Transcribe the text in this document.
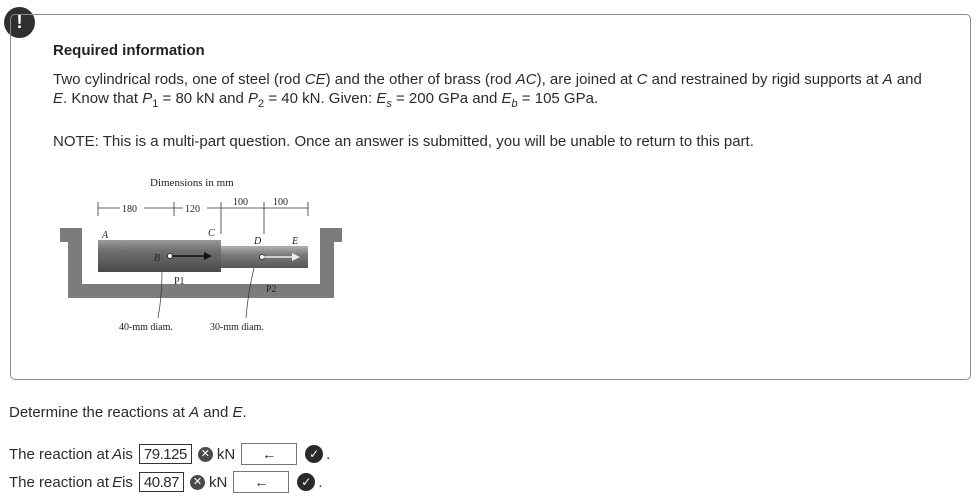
!
Required information
Two cylindrical rods, one of steel (rod CE) and the other of brass (rod AC), are joined at C and restrained by rigid supports at A and E. Know that $P_1 = 80$ kN and $P_2 = 40$ kN. Given: $E_s = 200$ GPa and $E_b = 105$ GPa.
NOTE: This is a multi-part question. Once an answer is submitted, you will be unable to return to this part.
Dimensions in mm
180	120
100	100
A
B
C
D	E
P1
P2
40-mm diam.	30-mm diam.
Determine the reactions at A and E.
The reaction at A is 79.125	✕ kN	←	✓ .
The reaction at E is 40.87	✕ kN	←	✓ .
